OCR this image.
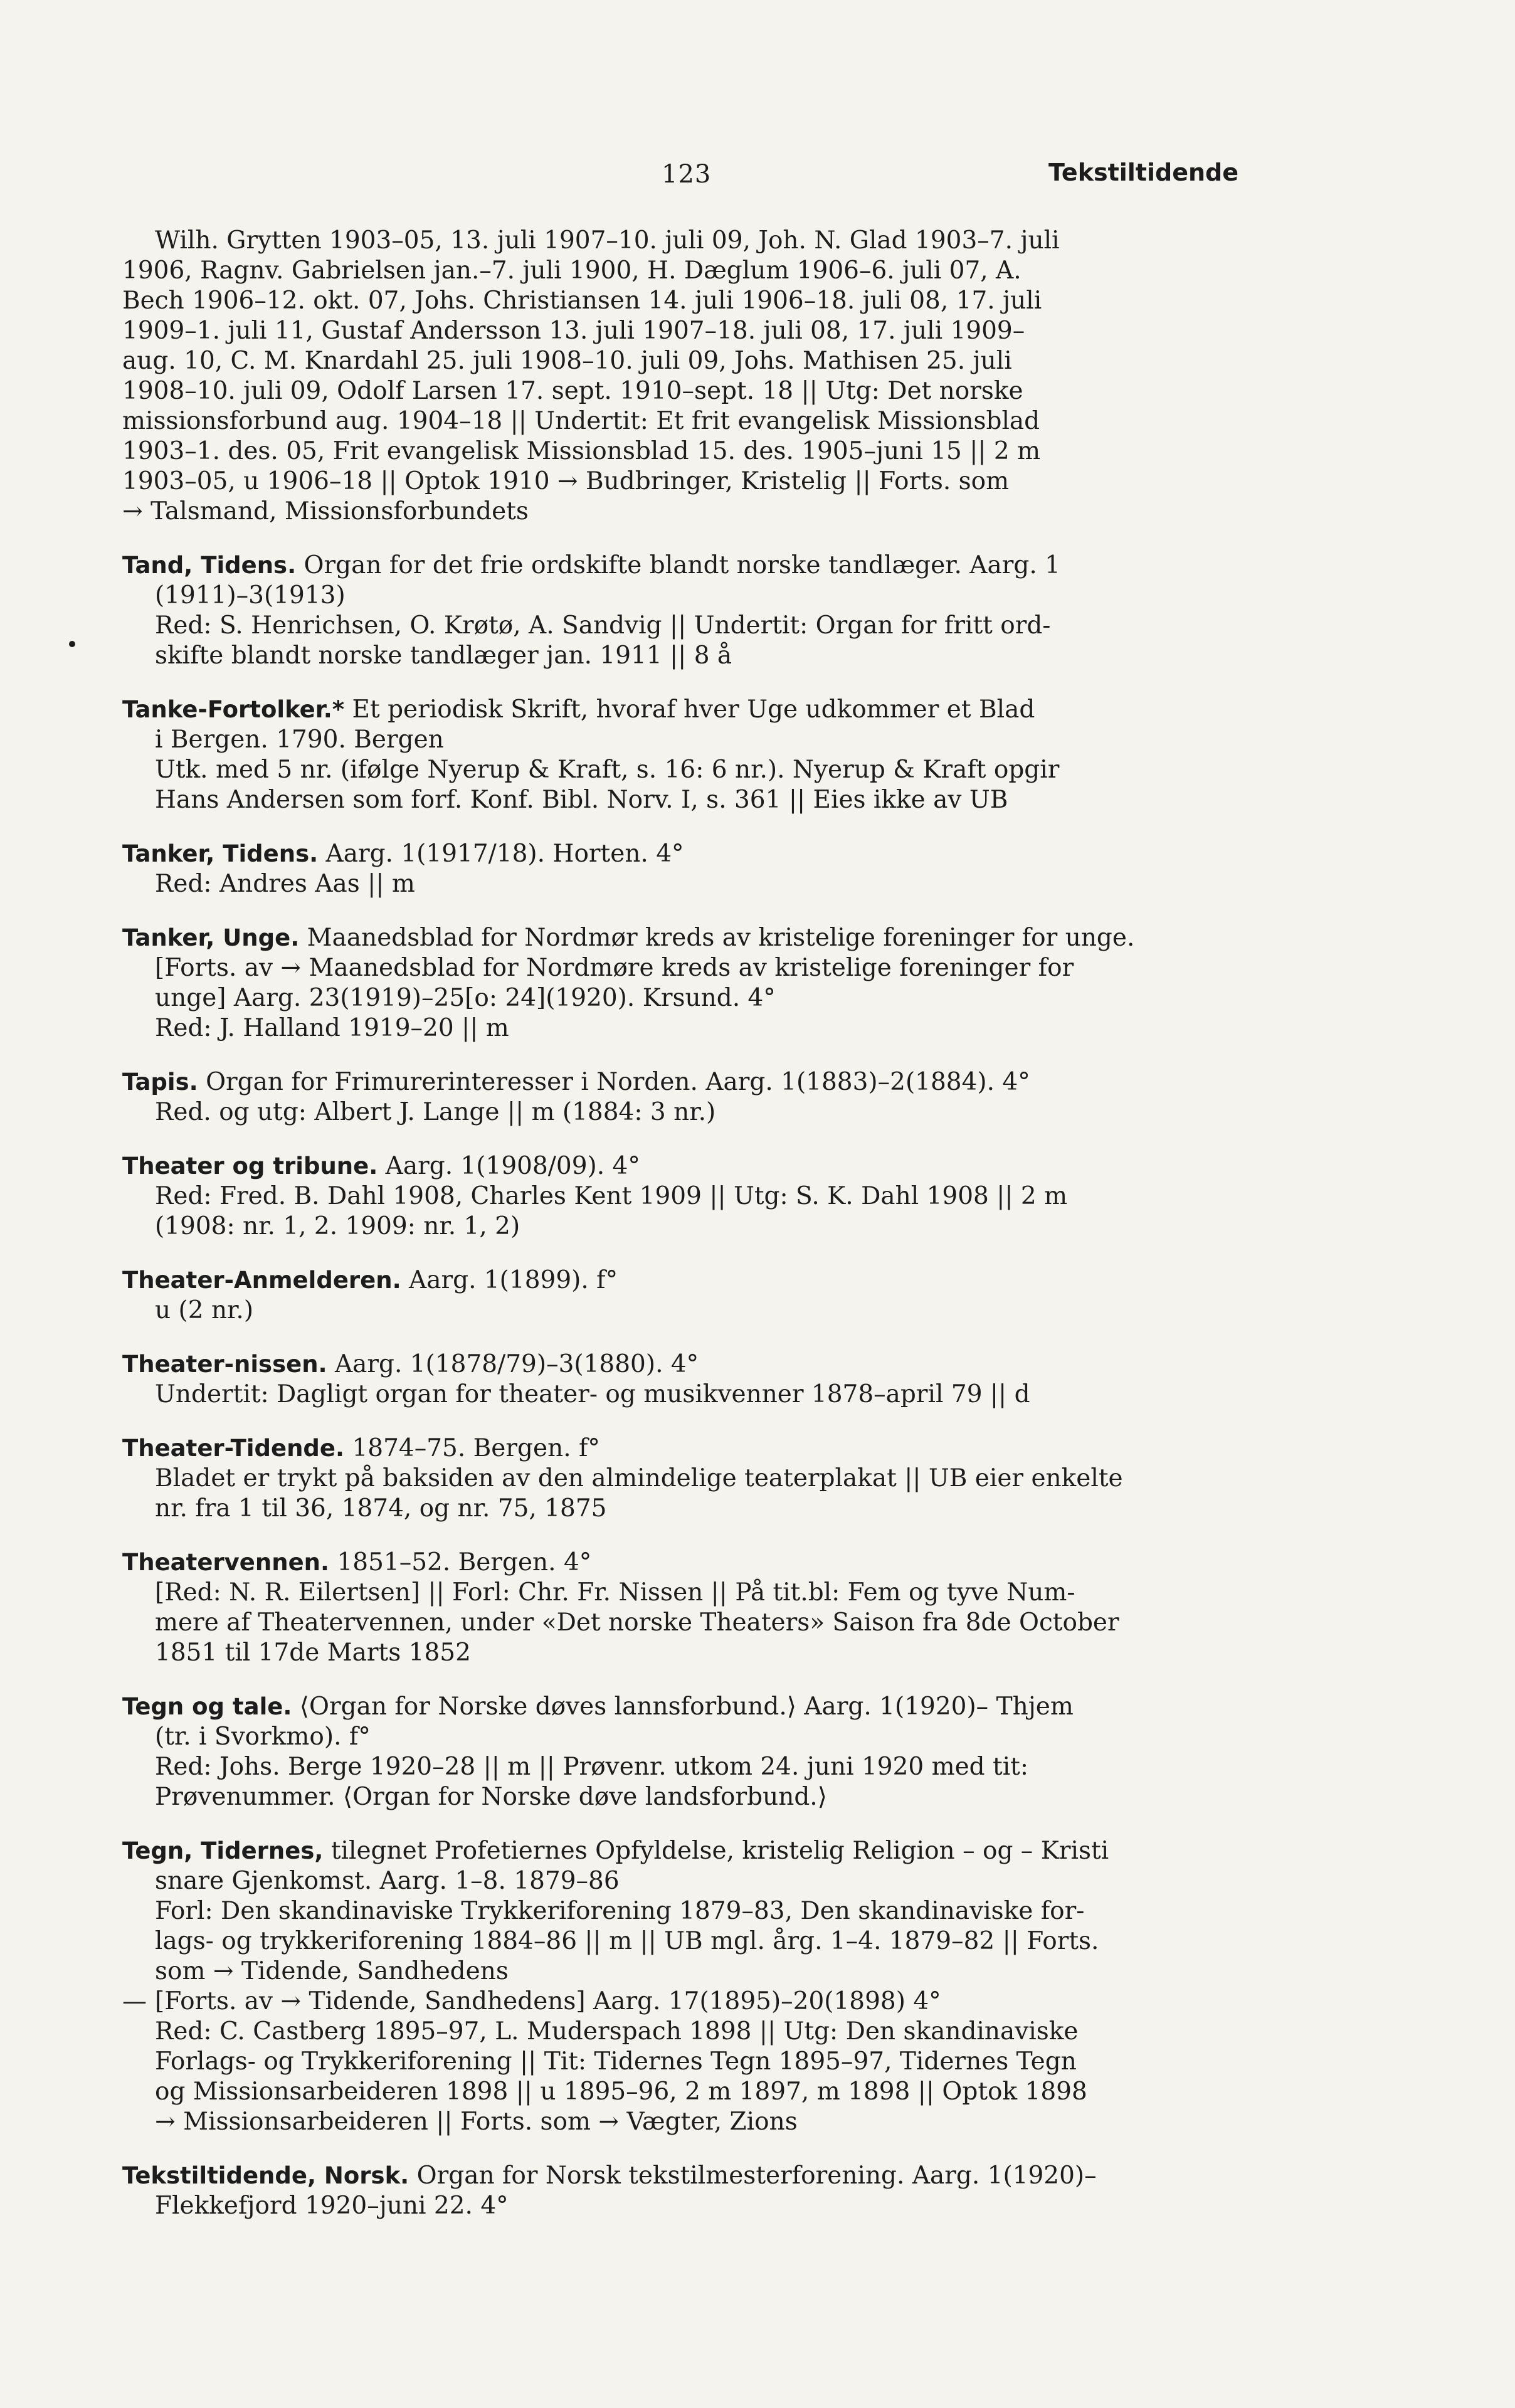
123	Tekstiltidende

Wilh. Grytten 1903–05, 13. juli 1907–10. juli 09, Joh. N. Glad 1903–7. juli

1906, Ragnv. Gabrielsen jan.–7. juli 1900, H. Dæglum 1906–6. juli 07, A.

Bech 1906–12. okt. 07, Johs. Christiansen 14. juli 1906–18. juli 08, 17. juli

1909–1. juli 11, Gustaf Andersson 13. juli 1907–18. juli 08, 17. juli 1909–

aug. 10, C. M. Knardahl 25. juli 1908–10. juli 09, Johs. Mathisen 25. juli

1908–10. juli 09, Odolf Larsen 17. sept. 1910–sept. 18 || Utg: Det norske

missionsforbund aug. 1904–18 || Undertit: Et frit evangelisk Missionsblad

1903–1. des. 05, Frit evangelisk Missionsblad 15. des. 1905–juni 15 || 2 m

1903–05, u 1906–18 || Optok 1910 → Budbringer, Kristelig || Forts. som

→ Talsmand, Missionsforbundets

Tand, Tidens. Organ for det frie ordskifte blandt norske tandlæger. Aarg. 1

(1911)–3(1913)

Red: S. Henrichsen, O. Krøtø, A. Sandvig || Undertit: Organ for fritt ord-

skifte blandt norske tandlæger jan. 1911 || 8 å

Tanke-Fortolker.* Et periodisk Skrift, hvoraf hver Uge udkommer et Blad

i Bergen. 1790. Bergen

Utk. med 5 nr. (ifølge Nyerup & Kraft, s. 16: 6 nr.). Nyerup & Kraft opgir

Hans Andersen som forf. Konf. Bibl. Norv. I, s. 361 || Eies ikke av UB

Tanker, Tidens. Aarg. 1(1917/18). Horten. 4°

Red: Andres Aas || m

Tanker, Unge. Maanedsblad for Nordmør kreds av kristelige foreninger for unge.

[Forts. av → Maanedsblad for Nordmøre kreds av kristelige foreninger for

unge] Aarg. 23(1919)–25[o: 24](1920). Krsund. 4°

Red: J. Halland 1919–20 || m

Tapis. Organ for Frimurerinteresser i Norden. Aarg. 1(1883)–2(1884). 4°

Red. og utg: Albert J. Lange || m (1884: 3 nr.)

Theater og tribune. Aarg. 1(1908/09). 4°

Red: Fred. B. Dahl 1908, Charles Kent 1909 || Utg: S. K. Dahl 1908 || 2 m

(1908: nr. 1, 2. 1909: nr. 1, 2)

Theater-Anmelderen. Aarg. 1(1899). f°

u (2 nr.)

Theater-nissen. Aarg. 1(1878/79)–3(1880). 4°

Undertit: Dagligt organ for theater- og musikvenner 1878–april 79 || d

Theater-Tidende. 1874–75. Bergen. f°

Bladet er trykt på baksiden av den almindelige teaterplakat || UB eier enkelte

nr. fra 1 til 36, 1874, og nr. 75, 1875

Theatervennen. 1851–52. Bergen. 4°

[Red: N. R. Eilertsen] || Forl: Chr. Fr. Nissen || På tit.bl: Fem og tyve Num-

mere af Theatervennen, under «Det norske Theaters» Saison fra 8de October

1851 til 17de Marts 1852

Tegn og tale. ⟨Organ for Norske døves lannsforbund.⟩ Aarg. 1(1920)– Thjem

(tr. i Svorkmo). f°

Red: Johs. Berge 1920–28 || m || Prøvenr. utkom 24. juni 1920 med tit:

Prøvenummer. ⟨Organ for Norske døve landsforbund.⟩

Tegn, Tidernes, tilegnet Profetiernes Opfyldelse, kristelig Religion – og – Kristi

snare Gjenkomst. Aarg. 1–8. 1879–86

Forl: Den skandinaviske Trykkeriforening 1879–83, Den skandinaviske for-

lags- og trykkeriforening 1884–86 || m || UB mgl. årg. 1–4. 1879–82 || Forts.

som → Tidende, Sandhedens

— [Forts. av → Tidende, Sandhedens] Aarg. 17(1895)–20(1898) 4°

Red: C. Castberg 1895–97, L. Muderspach 1898 || Utg: Den skandinaviske

Forlags- og Trykkeriforening || Tit: Tidernes Tegn 1895–97, Tidernes Tegn

og Missionsarbeideren 1898 || u 1895–96, 2 m 1897, m 1898 || Optok 1898

→ Missionsarbeideren || Forts. som → Vægter, Zions

Tekstiltidende, Norsk. Organ for Norsk tekstilmesterforening. Aarg. 1(1920)–

Flekkefjord 1920–juni 22. 4°
